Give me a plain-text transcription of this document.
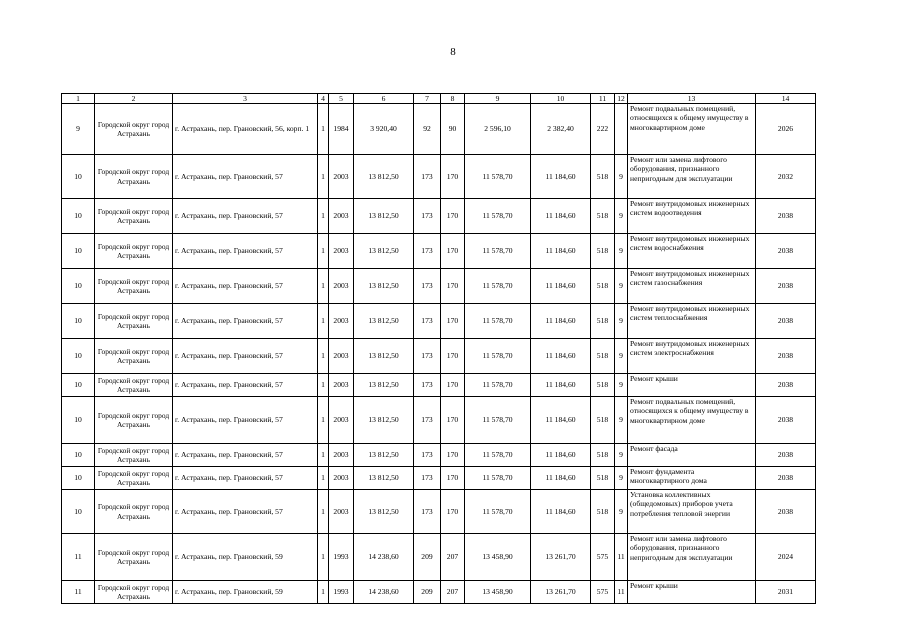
8
1	2	3	4	5	6	7	8	9	10	11	12	13	14
9	Городской округ город Астрахань	г. Астрахань, пер. Грановский, 56, корп. 1	1	1984	3 920,40	92	90	2 596,10	2 382,40	222		Ремонт подвальных помещений, относящихся к общему имуществу в многоквартирном доме	2026
10	Городской округ город Астрахань	г. Астрахань, пер. Грановский, 57	1	2003	13 812,50	173	170	11 578,70	11 184,60	518	9	Ремонт или замена лифтового оборудования, признанного непригодным для эксплуатации	2032
10	Городской округ город Астрахань	г. Астрахань, пер. Грановский, 57	1	2003	13 812,50	173	170	11 578,70	11 184,60	518	9	Ремонт внутридомовых инженерных систем водоотведения	2038
10	Городской округ город Астрахань	г. Астрахань, пер. Грановский, 57	1	2003	13 812,50	173	170	11 578,70	11 184,60	518	9	Ремонт внутридомовых инженерных систем водоснабжения	2038
10	Городской округ город Астрахань	г. Астрахань, пер. Грановский, 57	1	2003	13 812,50	173	170	11 578,70	11 184,60	518	9	Ремонт внутридомовых инженерных систем газоснабжения	2038
10	Городской округ город Астрахань	г. Астрахань, пер. Грановский, 57	1	2003	13 812,50	173	170	11 578,70	11 184,60	518	9	Ремонт внутридомовых инженерных систем теплоснабжения	2038
10	Городской округ город Астрахань	г. Астрахань, пер. Грановский, 57	1	2003	13 812,50	173	170	11 578,70	11 184,60	518	9	Ремонт внутридомовых инженерных систем электроснабжения	2038
10	Городской округ город Астрахань	г. Астрахань, пер. Грановский, 57	1	2003	13 812,50	173	170	11 578,70	11 184,60	518	9	Ремонт крыши	2038
10	Городской округ город Астрахань	г. Астрахань, пер. Грановский, 57	1	2003	13 812,50	173	170	11 578,70	11 184,60	518	9	Ремонт подвальных помещений, относящихся к общему имуществу в многоквартирном доме	2038
10	Городской округ город Астрахань	г. Астрахань, пер. Грановский, 57	1	2003	13 812,50	173	170	11 578,70	11 184,60	518	9	Ремонт фасада	2038
10	Городской округ город Астрахань	г. Астрахань, пер. Грановский, 57	1	2003	13 812,50	173	170	11 578,70	11 184,60	518	9	Ремонт фундамента многоквартирного дома	2038
10	Городской округ город Астрахань	г. Астрахань, пер. Грановский, 57	1	2003	13 812,50	173	170	11 578,70	11 184,60	518	9	Установка коллективных (общедомовых) приборов учета потребления тепловой энергии	2038
11	Городской округ город Астрахань	г. Астрахань, пер. Грановский, 59	1	1993	14 238,60	209	207	13 458,90	13 261,70	575	11	Ремонт или замена лифтового оборудования, признанного непригодным для эксплуатации	2024
11	Городской округ город Астрахань	г. Астрахань, пер. Грановский, 59	1	1993	14 238,60	209	207	13 458,90	13 261,70	575	11	Ремонт крыши	2031
